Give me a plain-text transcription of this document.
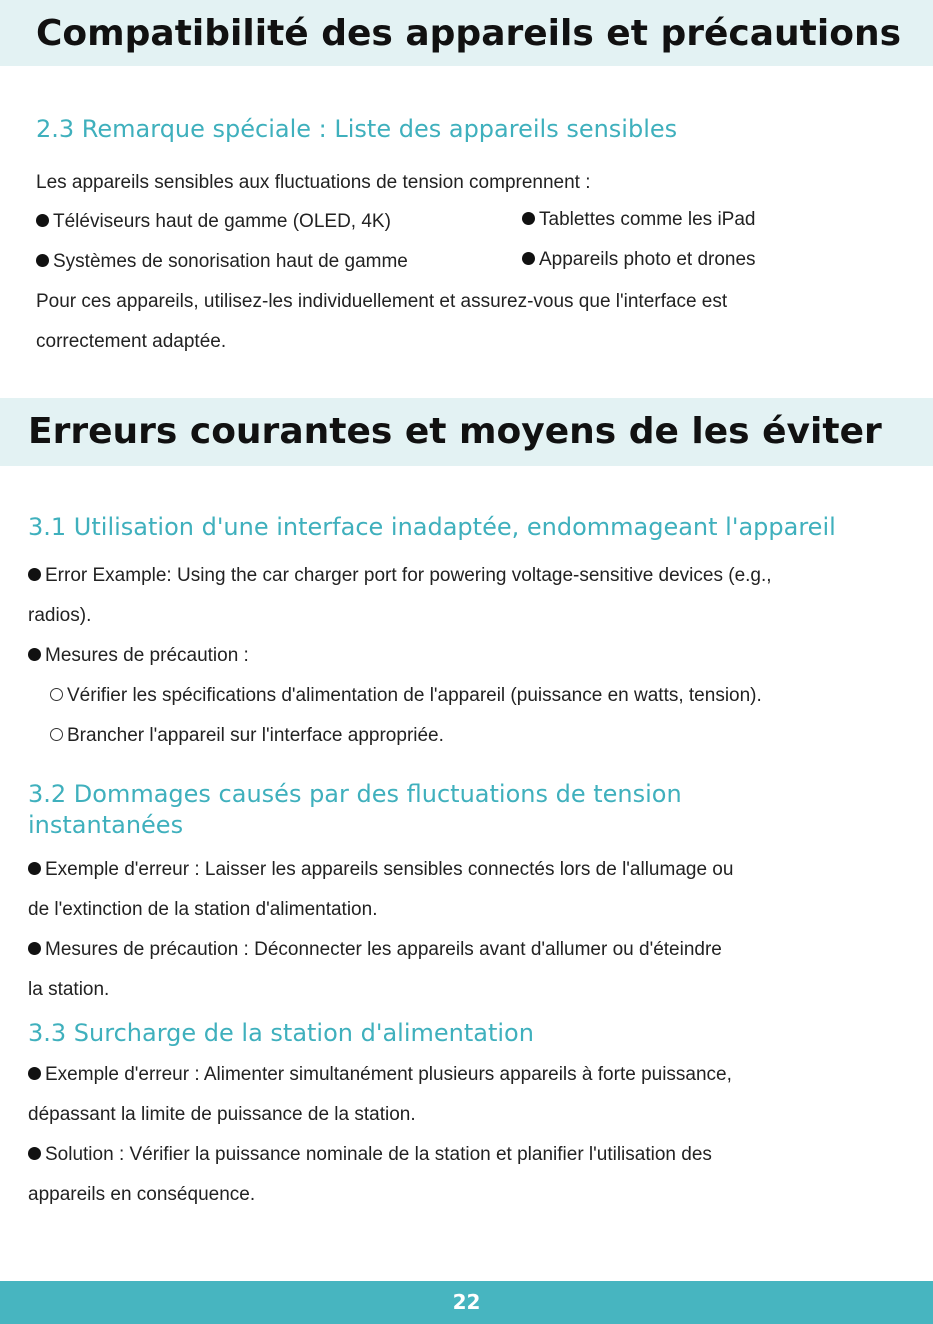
Compatibilité des appareils et précautions
2.3 Remarque spéciale : Liste des appareils sensibles
Les appareils sensibles aux fluctuations de tension comprennent :
Téléviseurs haut de gamme (OLED, 4K)	Tablettes comme les iPad
Systèmes de sonorisation haut de gamme	Appareils photo et drones
Pour ces appareils, utilisez-les individuellement et assurez-vous que l'interface est
correctement adaptée.
Erreurs courantes et moyens de les éviter
3.1 Utilisation d'une interface inadaptée, endommageant l'appareil
Error Example: Using the car charger port for powering voltage-sensitive devices (e.g.,
radios).
Mesures de précaution :
Vérifier les spécifications d'alimentation de l'appareil (puissance en watts, tension).
Brancher l'appareil sur l'interface appropriée.
3.2 Dommages causés par des fluctuations de tension
instantanées
Exemple d'erreur : Laisser les appareils sensibles connectés lors de l'allumage ou
de l'extinction de la station d'alimentation.
Mesures de précaution : Déconnecter les appareils avant d'allumer ou d'éteindre
la station.
3.3 Surcharge de la station d'alimentation
Exemple d'erreur : Alimenter simultanément plusieurs appareils à forte puissance,
dépassant la limite de puissance de la station.
Solution : Vérifier la puissance nominale de la station et planifier l'utilisation des
appareils en conséquence.
22
